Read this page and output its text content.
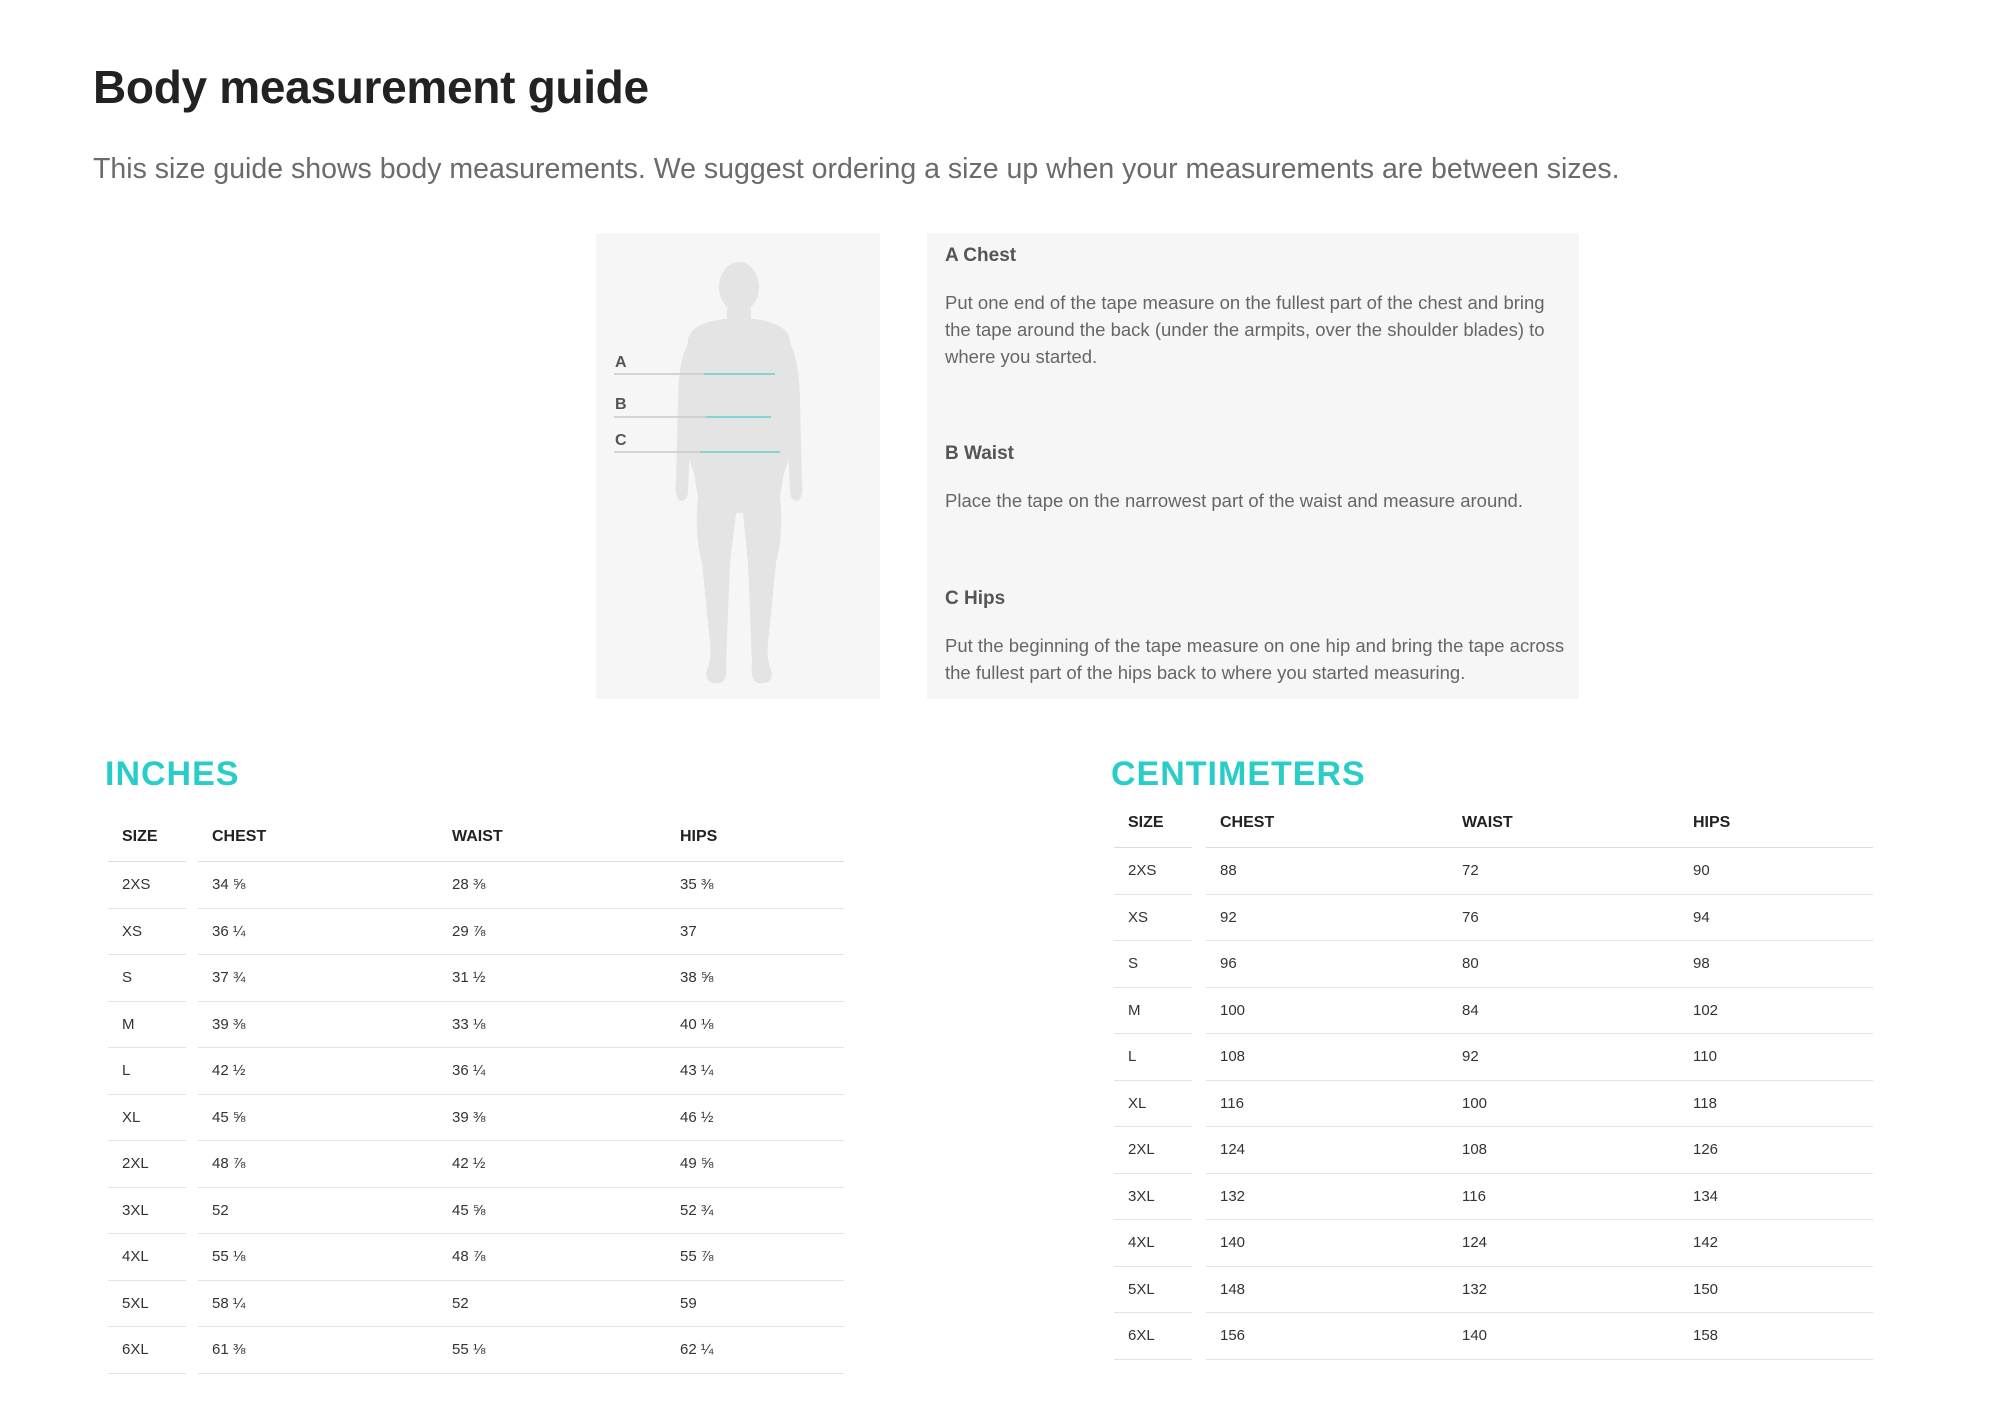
Body measurement guide

This size guide shows body measurements. We suggest ordering a size up when your measurements are between sizes.

A
B
C
A Chest

Put one end of the tape measure on the fullest part of the chest and bring the tape around the back (under the armpits, over the shoulder blades) to where you started.

B Waist

Place the tape on the narrowest part of the waist and measure around.

C Hips

Put the beginning of the tape measure on one hip and bring the tape across the fullest part of the hips back to where you started measuring.

INCHES
SIZE		CHEST	WAIST	HIPS
2XS		34 ⅝	28 ⅜	35 ⅜
XS		36 ¼	29 ⅞	37
S		37 ¾	31 ½	38 ⅝
M		39 ⅜	33 ⅛	40 ⅛
L		42 ½	36 ¼	43 ¼
XL		45 ⅝	39 ⅜	46 ½
2XL		48 ⅞	42 ½	49 ⅝
3XL		52	45 ⅝	52 ¾
4XL		55 ⅛	48 ⅞	55 ⅞
5XL		58 ¼	52	59
6XL		61 ⅜	55 ⅛	62 ¼
CENTIMETERS
SIZE		CHEST	WAIST	HIPS
2XS		88	72	90
XS		92	76	94
S		96	80	98
M		100	84	102
L		108	92	110
XL		116	100	118
2XL		124	108	126
3XL		132	116	134
4XL		140	124	142
5XL		148	132	150
6XL		156	140	158
